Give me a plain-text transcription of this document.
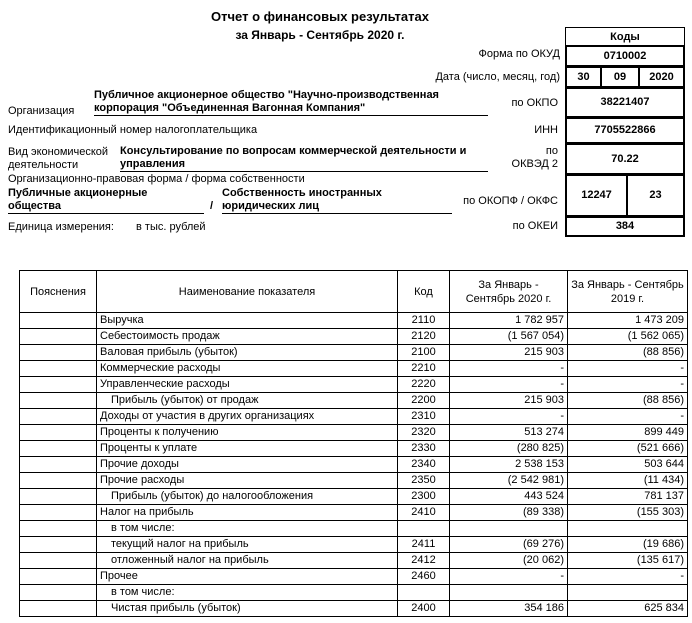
Отчет о финансовых результатах
за Январь - Сентябрь 2020 г.	Коды
Форма по ОКУД	0710002
Дата (число, месяц, год)	30	09	2020
по ОКПО	38221407
ИНН	7705522866
по
ОКВЭД 2	70.22
по ОКОПФ / ОКФС	12247	23
по ОКЕИ	384
Организация
Публичное акционерное общество "Научно-производственная
корпорация "Объединенная Вагонная Компания"
Идентификационный номер налогоплательщика
Вид экономической
деятельности
Консультирование по вопросам коммерческой деятельности и
управления
Организационно-правовая форма / форма собственности
Публичные акционерные
общества	/
Собственность иностранных
юридических лиц
Единица измерения: в тыс. рублей
Пояснения	Наименование показателя	Код	За Январь - Сентябрь 2020 г.	За Январь - Сентябрь 2019 г.
	Выручка	2110	1 782 957	1 473 209
	Себестоимость продаж	2120	(1 567 054)	(1 562 065)
	Валовая прибыль (убыток)	2100	215 903	(88 856)
	Коммерческие расходы	2210	-	-
	Управленческие расходы	2220	-	-
	Прибыль (убыток) от продаж	2200	215 903	(88 856)
	Доходы от участия в других организациях	2310	-	-
	Проценты к получению	2320	513 274	899 449
	Проценты к уплате	2330	(280 825)	(521 666)
	Прочие доходы	2340	2 538 153	503 644
	Прочие расходы	2350	(2 542 981)	(11 434)
	Прибыль (убыток) до налогообложения	2300	443 524	781 137
	Налог на прибыль	2410	(89 338)	(155 303)
	в том числе:			
	текущий налог на прибыль	2411	(69 276)	(19 686)
	отложенный налог на прибыль	2412	(20 062)	(135 617)
	Прочее	2460	-	-
	в том числе:			
	Чистая прибыль (убыток)	2400	354 186	625 834
